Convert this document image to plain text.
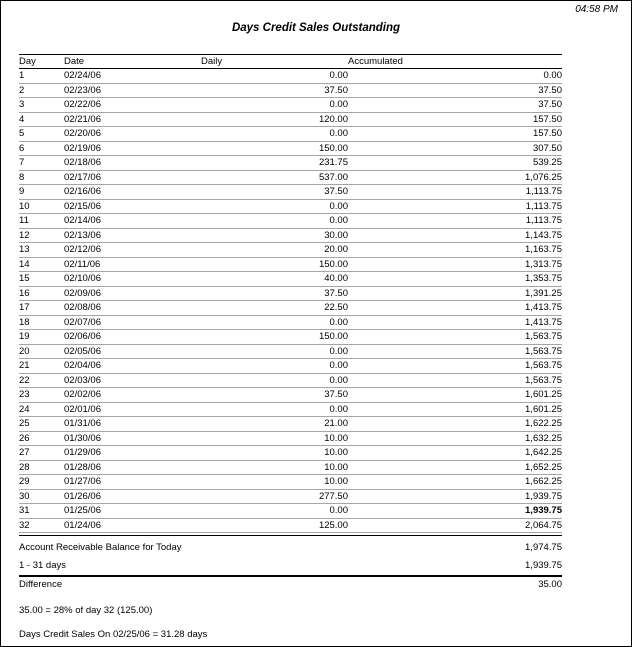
04:58 PM
Days Credit Sales Outstanding
Day	Date	Daily	Accumulated
1	02/24/06	0.00	0.00
2	02/23/06	37.50	37.50
3	02/22/06	0.00	37.50
4	02/21/06	120.00	157.50
5	02/20/06	0.00	157.50
6	02/19/06	150.00	307.50
7	02/18/06	231.75	539.25
8	02/17/06	537.00	1,076.25
9	02/16/06	37.50	1,113.75
10	02/15/06	0.00	1,113.75
11	02/14/06	0.00	1,113.75
12	02/13/06	30.00	1,143.75
13	02/12/06	20.00	1,163.75
14	02/11/06	150.00	1,313.75
15	02/10/06	40.00	1,353.75
16	02/09/06	37.50	1,391.25
17	02/08/06	22.50	1,413.75
18	02/07/06	0.00	1,413.75
19	02/06/06	150.00	1,563.75
20	02/05/06	0.00	1,563.75
21	02/04/06	0.00	1,563.75
22	02/03/06	0.00	1,563.75
23	02/02/06	37.50	1,601.25
24	02/01/06	0.00	1,601.25
25	01/31/06	21.00	1,622.25
26	01/30/06	10.00	1,632.25
27	01/29/06	10.00	1,642.25
28	01/28/06	10.00	1,652.25
29	01/27/06	10.00	1,662.25
30	01/26/06	277.50	1,939.75
31	01/25/06	0.00	1,939.75
32	01/24/06	125.00	2,064.75
Account Receivable Balance for Today	1,974.75
1 - 31 days	1,939.75
Difference	35.00

35.00 = 28% of day 32 (125.00)

Days Credit Sales On 02/25/06 = 31.28 days
